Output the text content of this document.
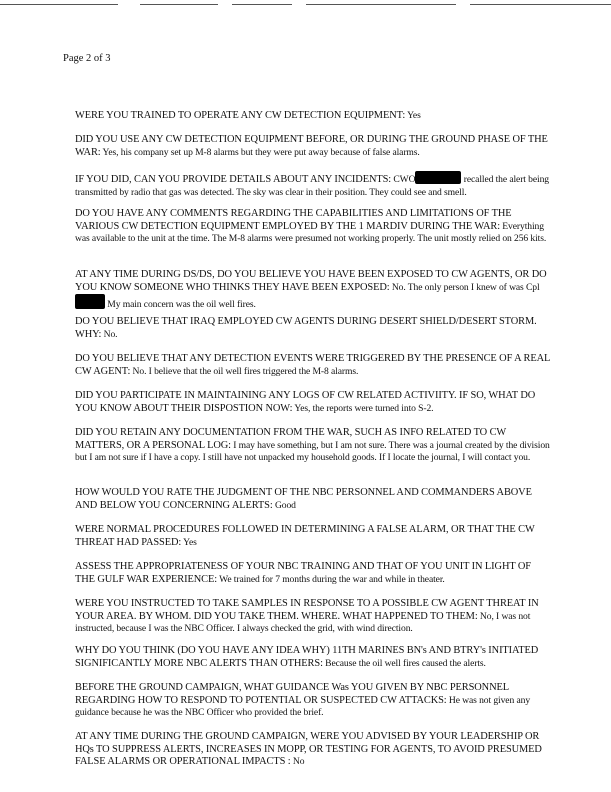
Page 2 of 3

WERE YOU TRAINED TO OPERATE ANY CW DETECTION EQUIPMENT: Yes

DID YOU USE ANY CW DETECTION EQUIPMENT BEFORE, OR DURING THE GROUND PHASE OF THE WAR: Yes, his company set up M-8 alarms but they were put away because of false alarms.

IF YOU DID, CAN YOU PROVIDE DETAILS ABOUT ANY INCIDENTS: CWO	recalled the alert being transmitted by radio that gas was detected. The sky was clear in their position. They could see and smell.

DO YOU HAVE ANY COMMENTS REGARDING THE CAPABILITIES AND LIMITATIONS OF THE VARIOUS CW DETECTION EQUIPMENT EMPLOYED BY THE 1 MARDIV DURING THE WAR: Everything was available to the unit at the time. The M-8 alarms were presumed not working properly. The unit mostly relied on 256 kits.

AT ANY TIME DURING DS/DS, DO YOU BELIEVE YOU HAVE BEEN EXPOSED TO CW AGENTS, OR DO YOU KNOW SOMEONE WHO THINKS THEY HAVE BEEN EXPOSED: No. The only person I knew of was Cpl My main concern was the oil well fires.

DO YOU BELIEVE THAT IRAQ EMPLOYED CW AGENTS DURING DESERT SHIELD/DESERT STORM. WHY: No.

DO YOU BELIEVE THAT ANY DETECTION EVENTS WERE TRIGGERED BY THE PRESENCE OF A REAL CW AGENT: No. I believe that the oil well fires triggered the M-8 alarms.

DID YOU PARTICIPATE IN MAINTAINING ANY LOGS OF CW RELATED ACTIVIITY. IF SO, WHAT DO YOU KNOW ABOUT THEIR DISPOSTION NOW: Yes, the reports were turned into S-2.

DID YOU RETAIN ANY DOCUMENTATION FROM THE WAR, SUCH AS INFO RELATED TO CW MATTERS, OR A PERSONAL LOG: I may have something, but I am not sure. There was a journal created by the division but I am not sure if I have a copy. I still have not unpacked my household goods. If I locate the journal, I will contact you.

HOW WOULD YOU RATE THE JUDGMENT OF THE NBC PERSONNEL AND COMMANDERS ABOVE AND BELOW YOU CONCERNING ALERTS: Good

WERE NORMAL PROCEDURES FOLLOWED IN DETERMINING A FALSE ALARM, OR THAT THE CW THREAT HAD PASSED: Yes

ASSESS THE APPROPRIATENESS OF YOUR NBC TRAINING AND THAT OF YOU UNIT IN LIGHT OF THE GULF WAR EXPERIENCE: We trained for 7 months during the war and while in theater.

WERE YOU INSTRUCTED TO TAKE SAMPLES IN RESPONSE TO A POSSIBLE CW AGENT THREAT IN YOUR AREA. BY WHOM. DID YOU TAKE THEM. WHERE. WHAT HAPPENED TO THEM: No, I was not instructed, because I was the NBC Officer. I always checked the grid, with wind direction.

WHY DO YOU THINK (DO YOU HAVE ANY IDEA WHY) 11TH MARINES BN's AND BTRY's INITIATED SIGNIFICANTLY MORE NBC ALERTS THAN OTHERS: Because the oil well fires caused the alerts.

BEFORE THE GROUND CAMPAIGN, WHAT GUIDANCE Was YOU GIVEN BY NBC PERSONNEL REGARDING HOW TO RESPOND TO POTENTIAL OR SUSPECTED CW ATTACKS: He was not given any guidance because he was the NBC Officer who provided the brief.

AT ANY TIME DURING THE GROUND CAMPAIGN, WERE YOU ADVISED BY YOUR LEADERSHIP OR HQs TO SUPPRESS ALERTS, INCREASES IN MOPP, OR TESTING FOR AGENTS, TO AVOID PRESUMED FALSE ALARMS OR OPERATIONAL IMPACTS : No
